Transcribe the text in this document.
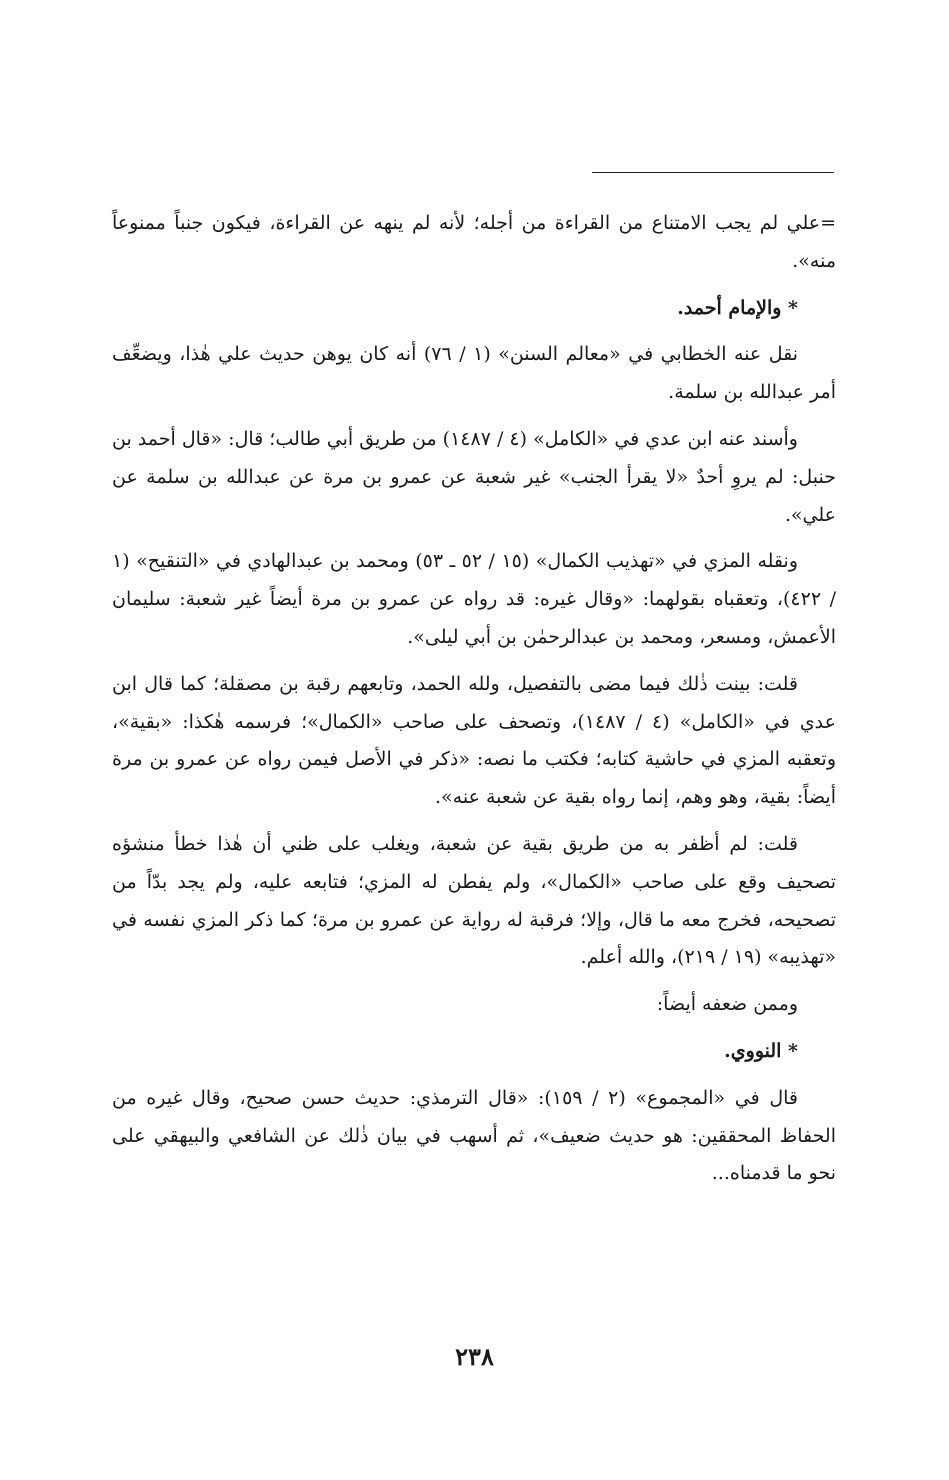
=علي لم يجب الامتناع من القراءة من أجله؛ لأنه لم ينهه عن القراءة، فيكون جنباً ممنوعاً منه».

* والإمام أحمد.

نقل عنه الخطابي في «معالم السنن» (١ / ٧٦) أنه كان يوهن حديث علي هٰذا، ويضعِّف أمر عبدالله بن سلمة.

وأسند عنه ابن عدي في «الكامل» (٤ / ١٤٨٧) من طريق أبي طالب؛ قال: «قال أحمد بن حنبل: لم يروِ أحدٌ «لا يقرأ الجنب» غير شعبة عن عمرو بن مرة عن عبدالله بن سلمة عن علي».

ونقله المزي في «تهذيب الكمال» (١٥ / ٥٢ ـ ٥٣) ومحمد بن عبدالهادي في «التنقيح» (١ / ٤٢٢)، وتعقباه بقولهما: «وقال غيره: قد رواه عن عمرو بن مرة أيضاً غير شعبة: سليمان الأعمش، ومسعر، ومحمد بن عبدالرحمٰن بن أبي ليلى».

قلت: بينت ذٰلك فيما مضى بالتفصيل، ولله الحمد، وتابعهم رقبة بن مصقلة؛ كما قال ابن عدي في «الكامل» (٤ / ١٤٨٧)، وتصحف على صاحب «الكمال»؛ فرسمه هٰكذا: «بقية»، وتعقبه المزي في حاشية كتابه؛ فكتب ما نصه: «ذكر في الأصل فيمن رواه عن عمرو بن مرة أيضاً: بقية، وهو وهم، إنما رواه بقية عن شعبة عنه».

قلت: لم أظفر به من طريق بقية عن شعبة، ويغلب على ظني أن هٰذا خطأ منشؤه تصحيف وقع على صاحب «الكمال»، ولم يفطن له المزي؛ فتابعه عليه، ولم يجد بدّاً من تصحيحه، فخرج معه ما قال، وإلا؛ فرقبة له رواية عن عمرو بن مرة؛ كما ذكر المزي نفسه في «تهذيبه» (١٩ / ٢١٩)، والله أعلم.

وممن ضعفه أيضاً:

* النووي.

قال في «المجموع» (٢ / ١٥٩): «قال الترمذي: حديث حسن صحيح، وقال غيره من الحفاظ المحققين: هو حديث ضعيف»، ثم أسهب في بيان ذٰلك عن الشافعي والبيهقي على نحو ما قدمناه...

٢٣٨
